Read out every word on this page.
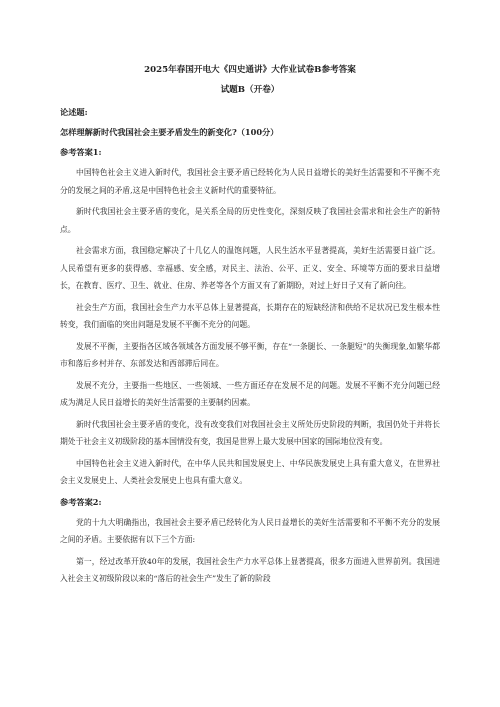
2025年春国开电大《四史通讲》大作业试卷B参考答案

试题B（开卷）

论述题:

怎样理解新时代我国社会主要矛盾发生的新变化?（100分）

参考答案1:

中国特色社会主义进入新时代，我国社会主要矛盾已经转化为人民日益增长的美好生活需要和不平衡不充分的发展之间的矛盾,这是中国特色社会主义新时代的重要特征。

新时代我国社会主要矛盾的变化，是关系全局的历史性变化，深刻反映了我国社会需求和社会生产的新特点。

社会需求方面，我国稳定解决了十几亿人的温饱问题，人民生活水平显著提高，美好生活需要日益广泛。人民希望有更多的获得感、幸福感、安全感，对民主、法治、公平、正义、安全、环境等方面的要求日益增长，在教育、医疗、卫生、就业、住房、养老等各个方面又有了新期盼，对过上好日子又有了新向往。

社会生产方面，我国社会生产力水平总体上显著提高，长期存在的短缺经济和供给不足状况已发生根本性转变，我们面临的突出问题是发展不平衡不充分的问题。

发展不平衡，主要指各区域各领域各方面发展不够平衡，存在“一条腿长、一条腿短”的失衡现象,如繁华都市和落后乡村并存、东部发达和西部滞后同在。

发展不充分，主要指一些地区、一些领域、一些方面还存在发展不足的问题。发展不平衡不充分问题已经成为满足人民日益增长的美好生活需要的主要制约因素。

新时代我国社会主要矛盾的变化，没有改变我们对我国社会主义所处历史阶段的判断，我国仍处于并将长期处于社会主义初级阶段的基本国情没有变，我国是世界上最大发展中国家的国际地位没有变。

中国特色社会主义进入新时代，在中华人民共和国发展史上、中华民族发展史上具有重大意义，在世界社会主义发展史上、人类社会发展史上也具有重大意义。

参考答案2:

党的十九大明确指出，我国社会主要矛盾已经转化为人民日益增长的美好生活需要和不平衡不充分的发展之间的矛盾。主要依据有以下三个方面:

第一，经过改革开放40年的发展，我国社会生产力水平总体上显著提高，很多方面进入世界前列。我国进入社会主义初级阶段以来的“落后的社会生产”发生了新的阶段
